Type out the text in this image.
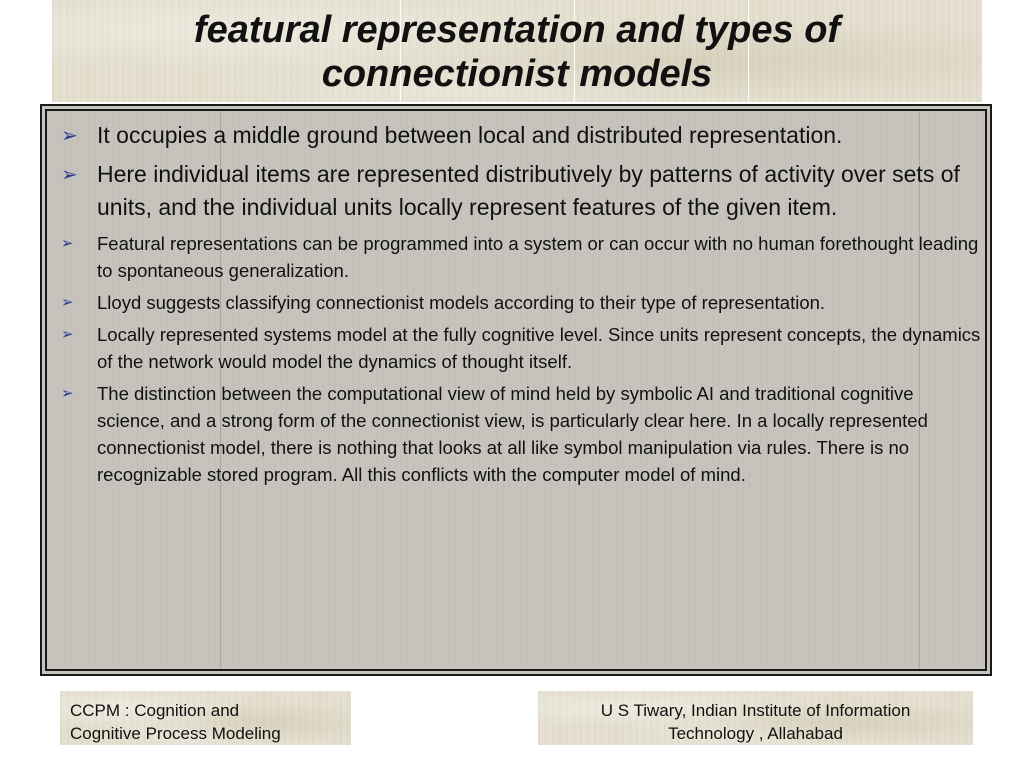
featural representation and types of
connectionist models
➢ It occupies a middle ground between local and distributed representation.
➢ Here individual items are represented distributively by patterns of activity over sets of units, and the individual units locally represent features of the given item.
➢ Featural representations can be programmed into a system or can occur with no human forethought leading to spontaneous generalization.
➢ Lloyd suggests classifying connectionist models according to their type of representation.
➢ Locally represented systems model at the fully cognitive level. Since units represent concepts, the dynamics of the network would model the dynamics of thought itself.
➢ The distinction between the computational view of mind held by symbolic AI and traditional cognitive science, and a strong form of the connectionist view, is particularly clear here. In a locally represented connectionist model, there is nothing that looks at all like symbol manipulation via rules. There is no recognizable stored program. All this conflicts with the computer model of mind.
CCPM : Cognition and
Cognitive Process Modeling
U S Tiwary, Indian Institute of Information
Technology , Allahabad
